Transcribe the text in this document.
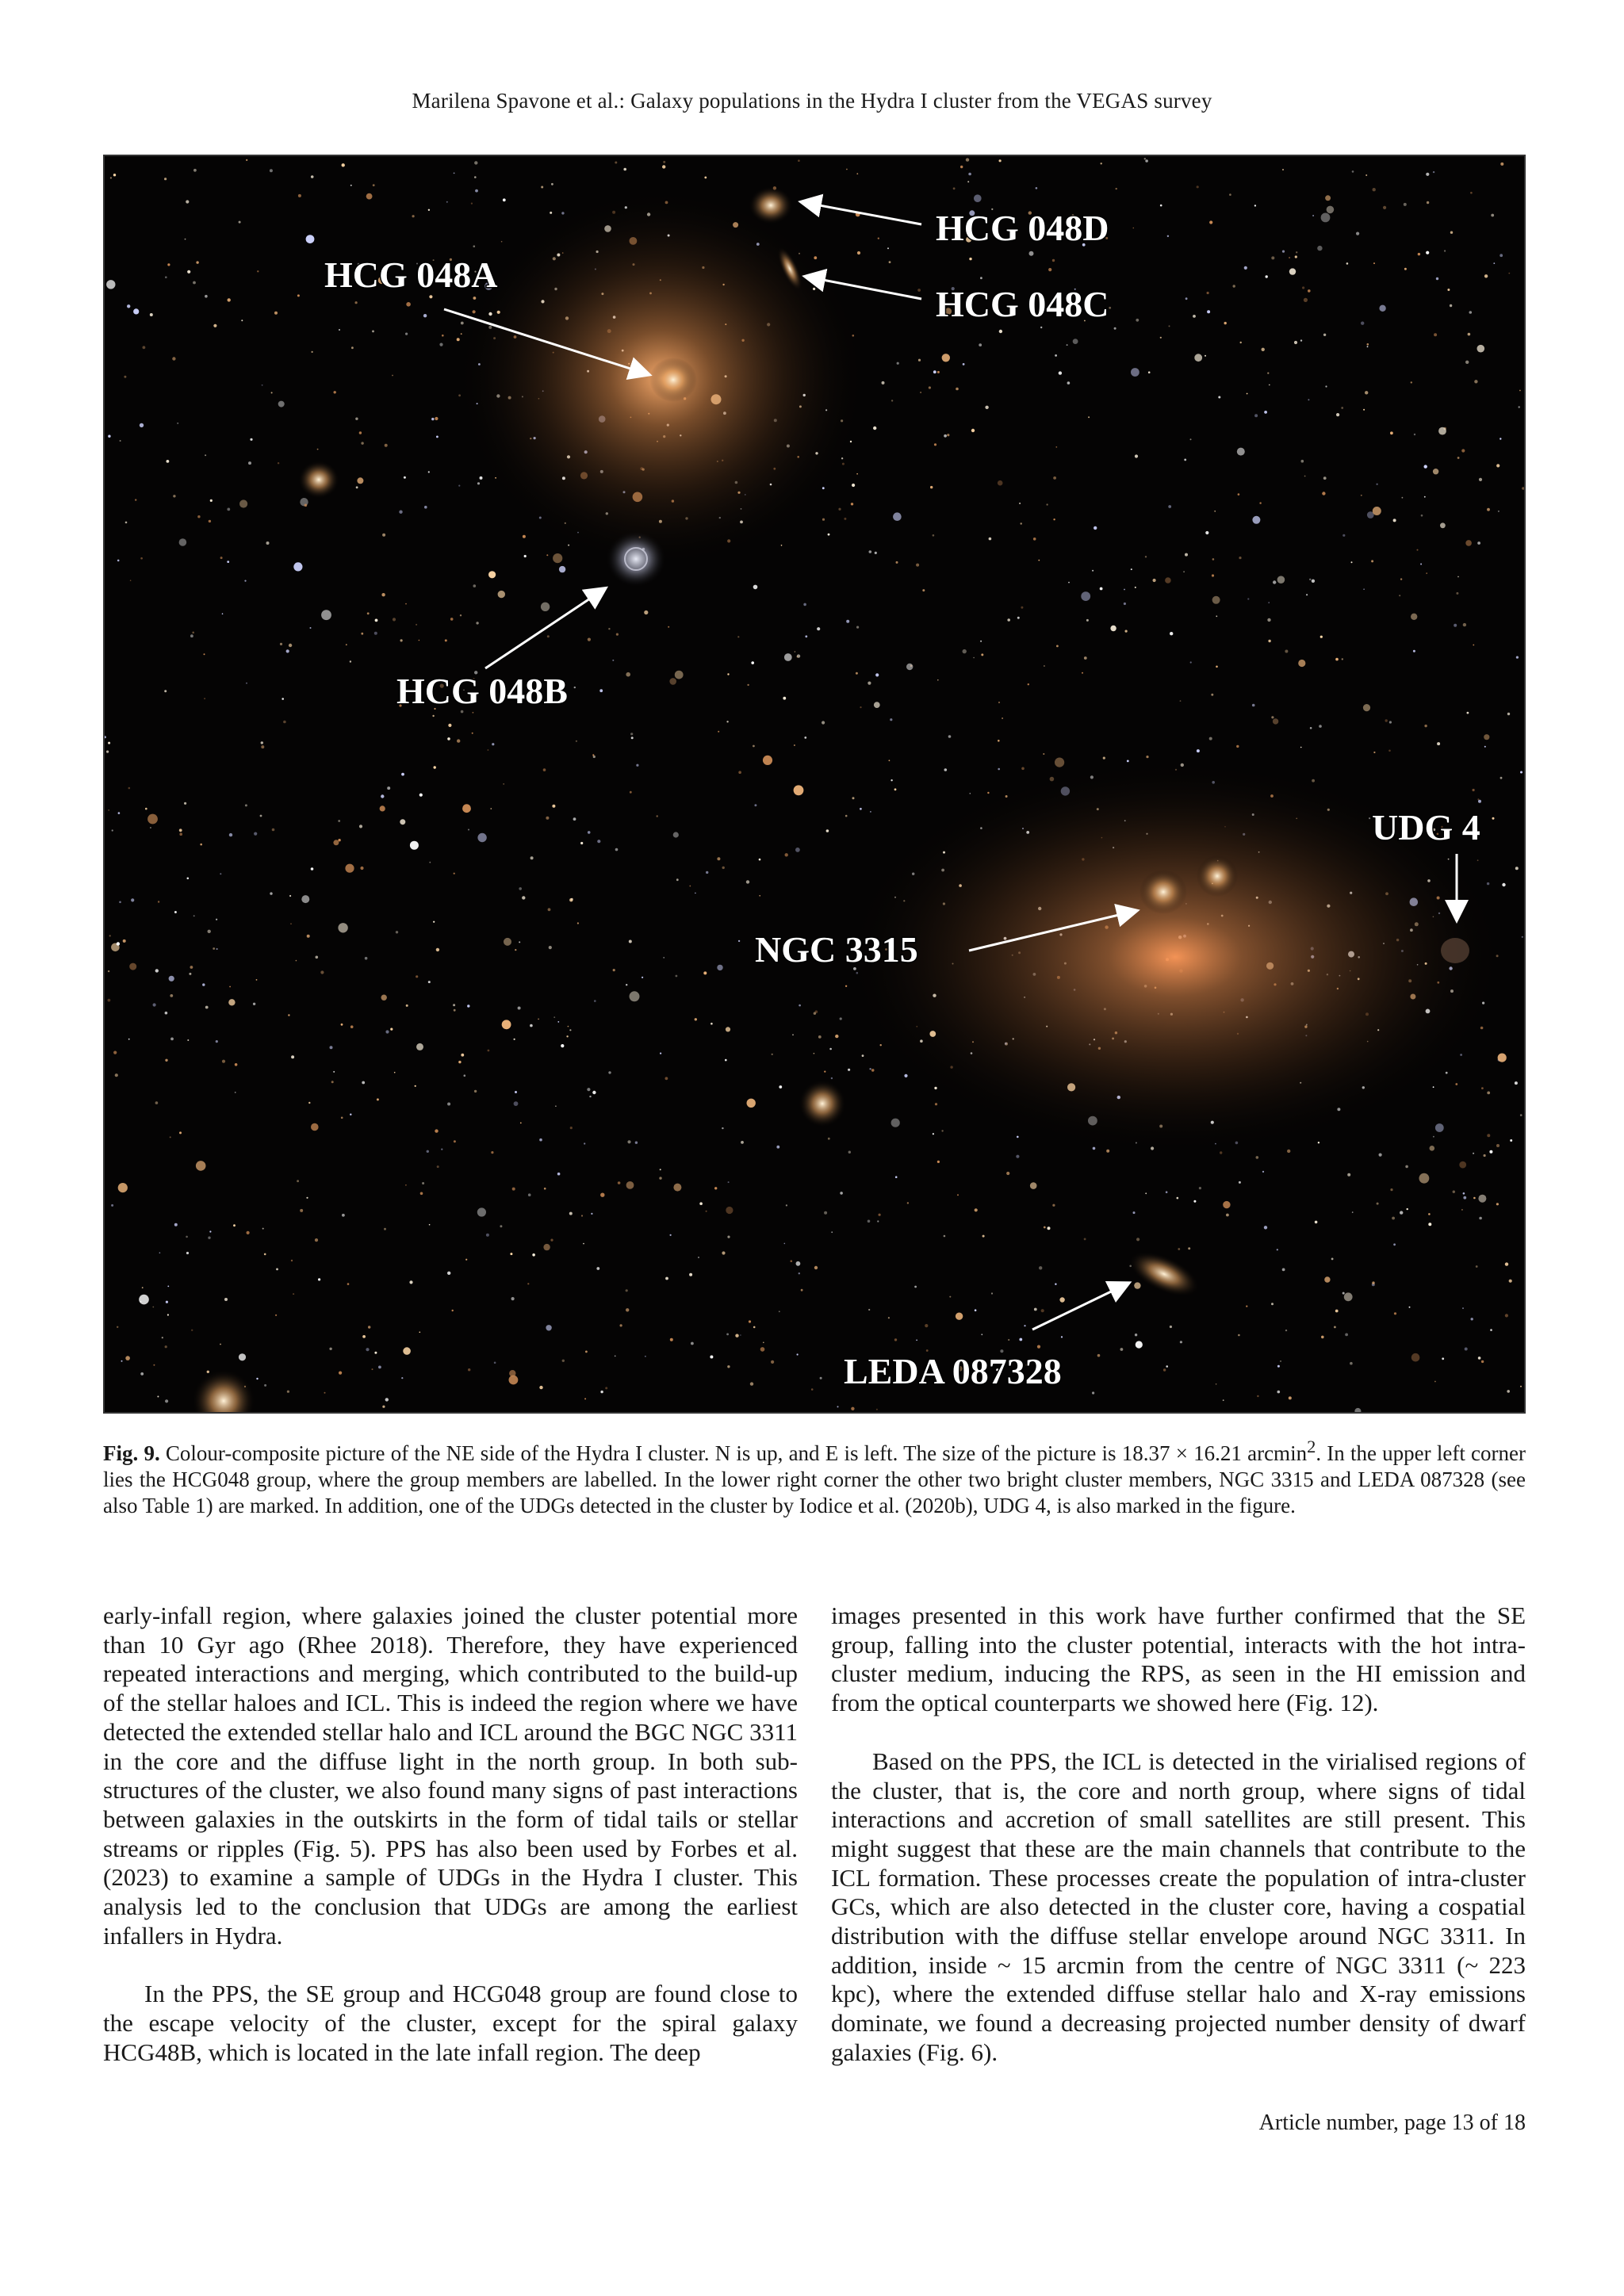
Marilena Spavone et al.: Galaxy populations in the Hydra I cluster from the VEGAS survey
HCG 048D
HCG 048C
HCG 048A
HCG 048B
UDG 4
NGC 3315
LEDA 087328
Fig. 9. Colour-composite picture of the NE side of the Hydra I cluster. N is up, and E is left. The size of the picture is 18.37 × 16.21 arcmin$^2$. In the upper left corner lies the HCG048 group, where the group members are labelled. In the lower right corner the other two bright cluster members, NGC 3315 and LEDA 087328 (see also Table 1) are marked. In addition, one of the UDGs detected in the cluster by Iodice et al. (2020b), UDG 4, is also marked in the figure.

early-infall region, where galaxies joined the cluster potential more than 10 Gyr ago (Rhee 2018). Therefore, they have experienced repeated interactions and merging, which contributed to the build-up of the stellar haloes and ICL. This is indeed the region where we have detected the extended stellar halo and ICL around the BGC NGC 3311 in the core and the diffuse light in the north group. In both sub-structures of the cluster, we also found many signs of past interactions between galaxies in the outskirts in the form of tidal tails or stellar streams or ripples (Fig. 5). PPS has also been used by Forbes et al. (2023) to examine a sample of UDGs in the Hydra I cluster. This analysis led to the conclusion that UDGs are among the earliest infallers in Hydra.

In the PPS, the SE group and HCG048 group are found close to the escape velocity of the cluster, except for the spiral galaxy HCG48B, which is located in the late infall region. The deep

images presented in this work have further confirmed that the SE group, falling into the cluster potential, interacts with the hot intra-cluster medium, inducing the RPS, as seen in the HI emission and from the optical counterparts we showed here (Fig. 12).

Based on the PPS, the ICL is detected in the virialised regions of the cluster, that is, the core and north group, where signs of tidal interactions and accretion of small satellites are still present. This might suggest that these are the main channels that contribute to the ICL formation. These processes create the population of intra-cluster GCs, which are also detected in the cluster core, having a cospatial distribution with the diffuse stellar envelope around NGC 3311. In addition, inside ~ 15 arcmin from the centre of NGC 3311 (~ 223 kpc), where the extended diffuse stellar halo and X-ray emissions dominate, we found a decreasing projected number density of dwarf galaxies (Fig. 6).

Article number, page 13 of 18
